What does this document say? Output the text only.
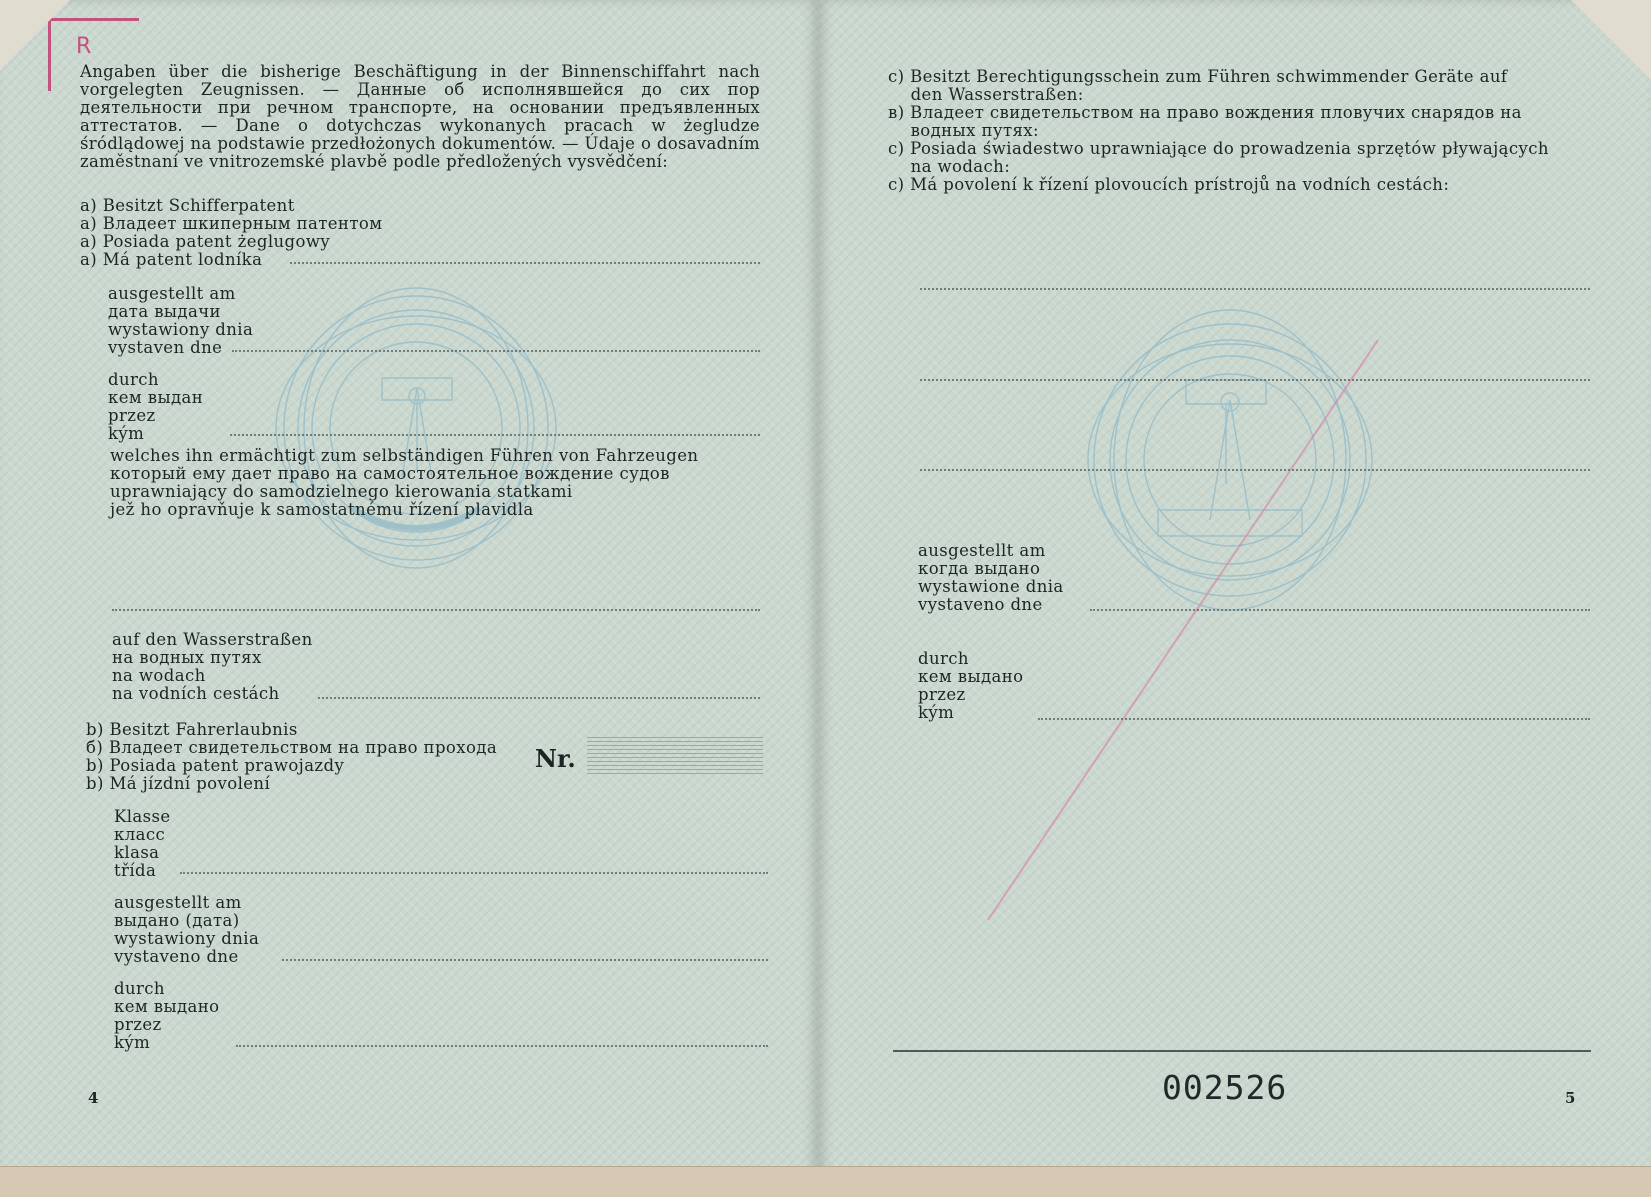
R
Angaben über die bisherige Beschäftigung in der Binnenschiffahrt nach vorgelegten Zeugnissen. — Данные об исполнявшейся до сих пор деятельности при речном транспорте, на основании предъявленных аттестатов. — Dane o dotychczas wykonanych pracach w żegludze śródlądowej na podstawie przedłożonych dokumentów. — Údaje o dosavadním zaměstnaní ve vnitrozemské plavbě podle předložených vysvědčení:
a) Besitzt Schifferpatent
а) Владеет шкиперным патентом
a) Posiada patent żeglugowy
a) Má patent lodníka
ausgestellt am
дата выдачи
wystawiony dnia
vystaven dne
durch
кем выдан
przez
kým
welches ihn ermächtigt zum selbständigen Führen von Fahrzeugen
который ему дает право на самостоятельное вождение судов
uprawniający do samodzielnego kierowania statkami
jež ho opravňuje k samostatnému řízení plavidla
auf den Wasserstraßen
на водных путях
na wodach
na vodních cestách
b) Besitzt Fahrerlaubnis
б) Владеет свидетельством на право прохода
b) Posiada patent prawojazdy
b) Má jízdní povolení
Nr.
Klasse
класс
klasa
třída
ausgestellt am
выдано (дата)
wystawiony dnia
vystaveno dne
durch
кем выдано
przez
kým
4
c) Besitzt Berechtigungsschein zum Führen schwimmender Geräte auf
den Wasserstraßen:
в) Владеет свидетельством на право вождения пловучих снарядов на
водных путях:
c) Posiada świadestwo uprawniające do prowadzenia sprzętów pływających
na wodach:
c) Má povolení k řízení plovoucích prístrojů na vodních cestách:
ausgestellt am
когда выдано
wystawione dnia
vystaveno dne
durch
кем выдано
przez
kým
002526	5
